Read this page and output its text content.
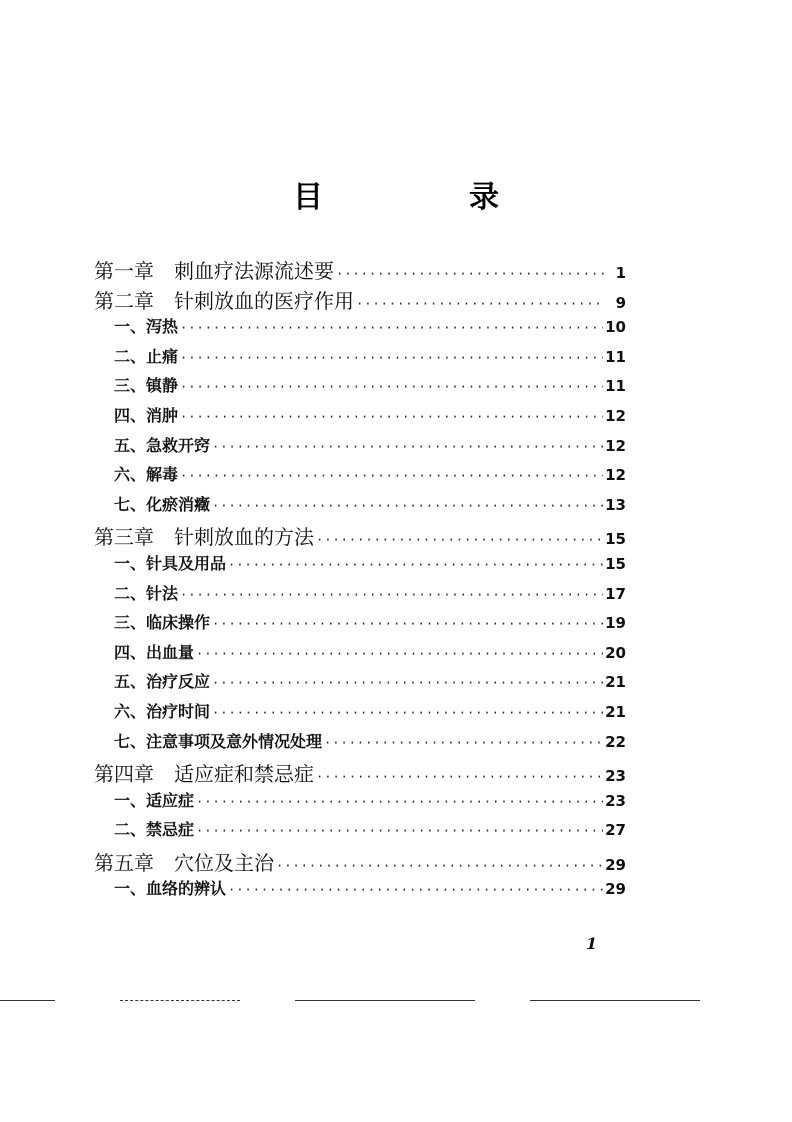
目　录
第一章　刺血疗法源流述要 ·····	1
第二章　针刺放血的医疗作用 ·····	9
一、泻热 ·····	10
二、止痛 ·····	11
三、镇静 ·····	11
四、消肿 ·····	12
五、急救开窍 ·····	12
六、解毒 ·····	12
七、化瘀消癥 ·····	13
第三章　针刺放血的方法 ·····	15
一、针具及用品 ·····	15
二、针法 ·····	17
三、临床操作 ·····	19
四、出血量 ·····	20
五、治疗反应 ·····	21
六、治疗时间 ·····	21
七、注意事项及意外情况处理 ·····	22
第四章　适应症和禁忌症 ·····	23
一、适应症 ·····	23
二、禁忌症 ·····	27
第五章　穴位及主治 ·····	29
一、血络的辨认 ·····	29
1
